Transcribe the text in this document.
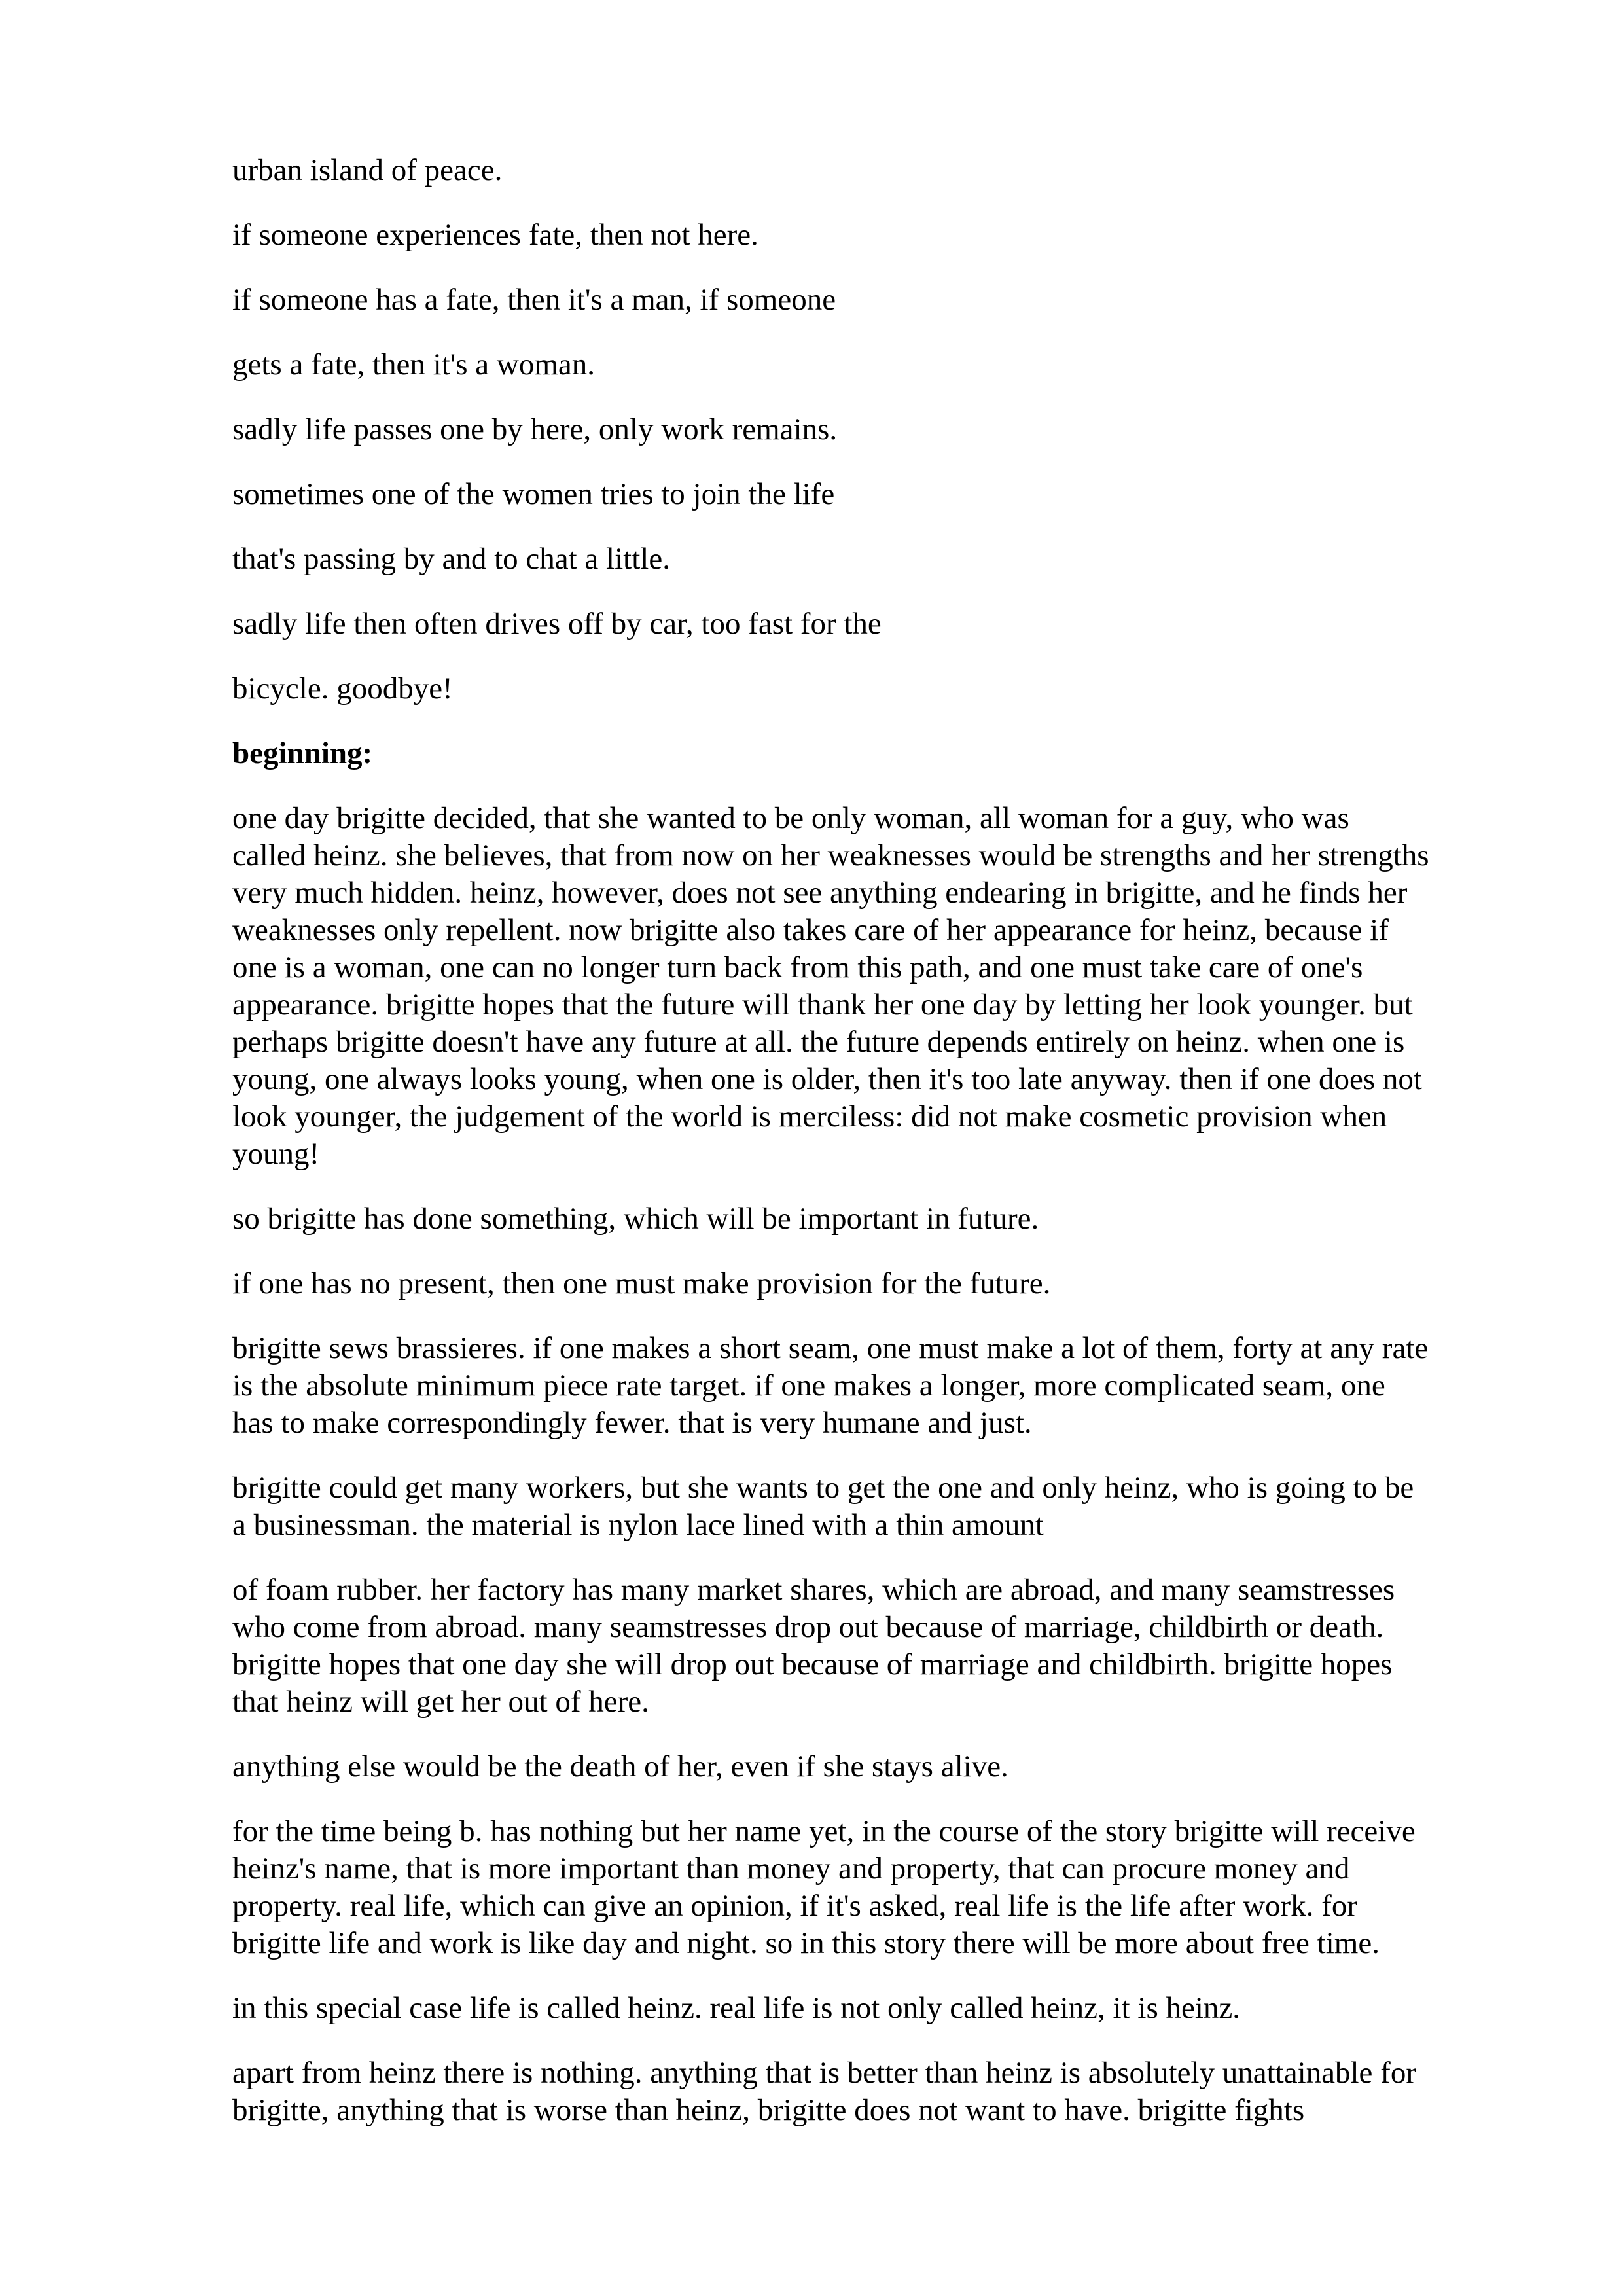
urban island of peace.

if someone experiences fate, then not here.

if someone has a fate, then it's a man, if someone

gets a fate, then it's a woman.

sadly life passes one by here, only work remains.

sometimes one of the women tries to join the life

that's passing by and to chat a little.

sadly life then often drives off by car, too fast for the

bicycle. goodbye!

beginning:

one day brigitte decided, that she wanted to be only woman, all woman for a guy, who was
called heinz. she believes, that from now on her weaknesses would be strengths and her strengths
very much hidden. heinz, however, does not see anything endearing in brigitte, and he finds her
weaknesses only repellent. now brigitte also takes care of her appearance for heinz, because if
one is a woman, one can no longer turn back from this path, and one must take care of one's
appearance. brigitte hopes that the future will thank her one day by letting her look younger. but
perhaps brigitte doesn't have any future at all. the future depends entirely on heinz. when one is
young, one always looks young, when one is older, then it's too late anyway. then if one does not
look younger, the judgement of the world is merciless: did not make cosmetic provision when
young!

so brigitte has done something, which will be important in future.

if one has no present, then one must make provision for the future.

brigitte sews brassieres. if one makes a short seam, one must make a lot of them, forty at any rate
is the absolute minimum piece rate target. if one makes a longer, more complicated seam, one
has to make correspondingly fewer. that is very humane and just.

brigitte could get many workers, but she wants to get the one and only heinz, who is going to be
a businessman. the material is nylon lace lined with a thin amount

of foam rubber. her factory has many market shares, which are abroad, and many seamstresses
who come from abroad. many seamstresses drop out because of marriage, childbirth or death.
brigitte hopes that one day she will drop out because of marriage and childbirth. brigitte hopes
that heinz will get her out of here.

anything else would be the death of her, even if she stays alive.

for the time being b. has nothing but her name yet, in the course of the story brigitte will receive
heinz's name, that is more important than money and property, that can procure money and
property. real life, which can give an opinion, if it's asked, real life is the life after work. for
brigitte life and work is like day and night. so in this story there will be more about free time.

in this special case life is called heinz. real life is not only called heinz, it is heinz.

apart from heinz there is nothing. anything that is better than heinz is absolutely unattainable for
brigitte, anything that is worse than heinz, brigitte does not want to have. brigitte fights
